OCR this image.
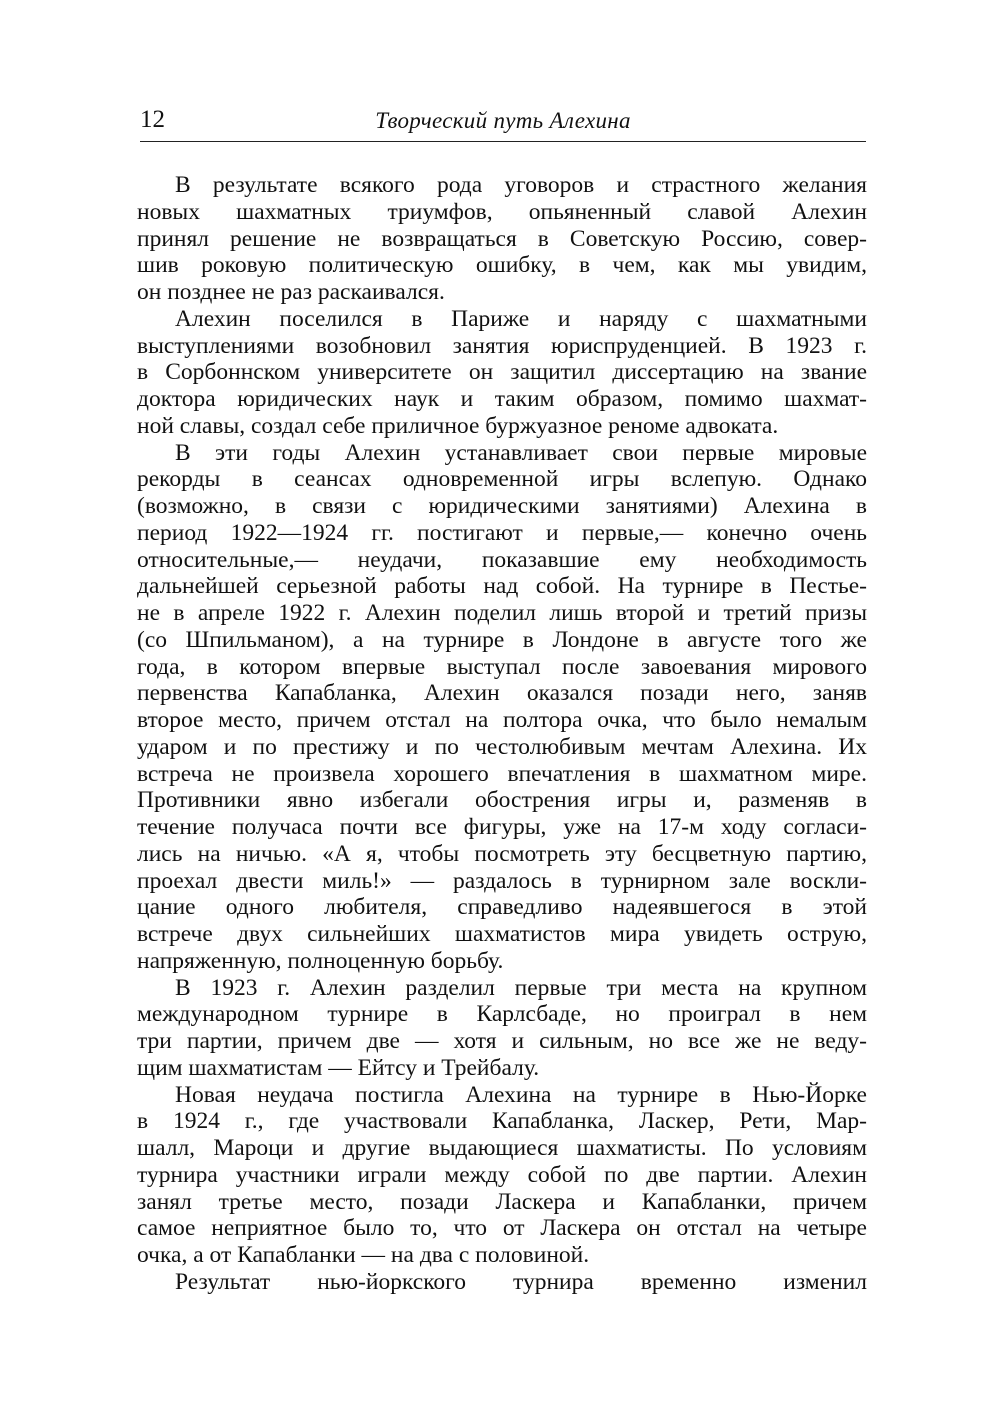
12	Творческий путь Алехина
В результате всякого рода уговоров и страстного желания
новых шахматных триумфов, опьяненный славой Алехин
принял решение не возвращаться в Советскую Россию, совер-
шив роковую политическую ошибку, в чем, как мы увидим,
он позднее не раз раскаивался.
Алехин поселился в Париже и наряду с шахматными
выступлениями возобновил занятия юриспруденцией. В 1923 г.
в Сорбоннском университете он защитил диссертацию на звание
доктора юридических наук и таким образом, помимо шахмат-
ной славы, создал себе приличное буржуазное реноме адвоката.
В эти годы Алехин устанавливает свои первые мировые
рекорды в сеансах одновременной игры вслепую. Однако
(возможно, в связи с юридическими занятиями) Алехина в
период 1922—1924 гг. постигают и первые,— конечно очень
относительные,— неудачи, показавшие ему необходимость
дальнейшей серьезной работы над собой. На турнире в Пестье-
не в апреле 1922 г. Алехин поделил лишь второй и третий призы
(со Шпильманом), а на турнире в Лондоне в августе того же
года, в котором впервые выступал после завоевания мирового
первенства Капабланка, Алехин оказался позади него, заняв
второе место, причем отстал на полтора очка, что было немалым
ударом и по престижу и по честолюбивым мечтам Алехина. Их
встреча не произвела хорошего впечатления в шахматном мире.
Противники явно избегали обострения игры и, разменяв в
течение получаса почти все фигуры, уже на 17-м ходу согласи-
лись на ничью. «А я, чтобы посмотреть эту бесцветную партию,
проехал двести миль!» — раздалось в турнирном зале воскли-
цание одного любителя, справедливо надеявшегося в этой
встрече двух сильнейших шахматистов мира увидеть острую,
напряженную, полноценную борьбу.
В 1923 г. Алехин разделил первые три места на крупном
международном турнире в Карлсбаде, но проиграл в нем
три партии, причем две — хотя и сильным, но все же не веду-
щим шахматистам — Ейтсу и Трейбалу.
Новая неудача постигла Алехина на турнире в Нью-Йорке
в 1924 г., где участвовали Капабланка, Ласкер, Рети, Мар-
шалл, Мароци и другие выдающиеся шахматисты. По условиям
турнира участники играли между собой по две партии. Алехин
занял третье место, позади Ласкера и Капабланки, причем
самое неприятное было то, что от Ласкера он отстал на четыре
очка, а от Капабланки — на два с половиной.
Результат нью-йоркского турнира временно изменил
